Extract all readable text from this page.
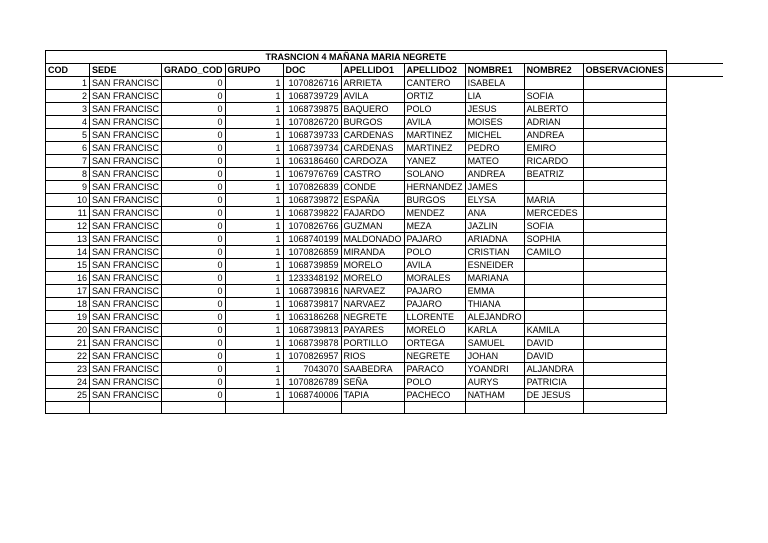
TRASNCION 4 MAÑANA MARIA NEGRETE										
COD	SEDE	GRADO_COD	GRUPO	DOC	APELLIDO1	APELLIDO2	NOMBRE1	NOMBRE2	OBSERVACIONES	
1	SAN FRANCISC	0	1	1070826716	ARRIETA	CANTERO	ISABELA			
2	SAN FRANCISC	0	1	1068739729	AVILA	ORTIZ	LIA	SOFIA		
3	SAN FRANCISC	0	1	1068739875	BAQUERO	POLO	JESUS	ALBERTO		
4	SAN FRANCISC	0	1	1070826720	BURGOS	AVILA	MOISES	ADRIAN		
5	SAN FRANCISC	0	1	1068739733	CARDENAS	MARTINEZ	MICHEL	ANDREA		
6	SAN FRANCISC	0	1	1068739734	CARDENAS	MARTINEZ	PEDRO	EMIRO		
7	SAN FRANCISC	0	1	1063186460	CARDOZA	YANEZ	MATEO	RICARDO		
8	SAN FRANCISC	0	1	1067976769	CASTRO	SOLANO	ANDREA	BEATRIZ		
9	SAN FRANCISC	0	1	1070826839	CONDE	HERNANDEZ	JAMES			
10	SAN FRANCISC	0	1	1068739872	ESPAÑA	BURGOS	ELYSA	MARIA		
11	SAN FRANCISC	0	1	1068739822	FAJARDO	MENDEZ	ANA	MERCEDES		
12	SAN FRANCISC	0	1	1070826766	GUZMAN	MEZA	JAZLIN	SOFIA		
13	SAN FRANCISC	0	1	1068740199	MALDONADO	PAJARO	ARIADNA	SOPHIA		
14	SAN FRANCISC	0	1	1070826859	MIRANDA	POLO	CRISTIAN	CAMILO		
15	SAN FRANCISC	0	1	1068739859	MORELO	AVILA	ESNEIDER			
16	SAN FRANCISC	0	1	1233348192	MORELO	MORALES	MARIANA			
17	SAN FRANCISC	0	1	1068739816	NARVAEZ	PAJARO	EMMA			
18	SAN FRANCISC	0	1	1068739817	NARVAEZ	PAJARO	THIANA			
19	SAN FRANCISC	0	1	1063186268	NEGRETE	LLORENTE	ALEJANDRO			
20	SAN FRANCISC	0	1	1068739813	PAYARES	MORELO	KARLA	KAMILA		
21	SAN FRANCISC	0	1	1068739878	PORTILLO	ORTEGA	SAMUEL	DAVID		
22	SAN FRANCISC	0	1	1070826957	RIOS	NEGRETE	JOHAN	DAVID		
23	SAN FRANCISC	0	1	7043070	SAABEDRA	PARACO	YOANDRI	ALJANDRA		
24	SAN FRANCISC	0	1	1070826789	SEÑA	POLO	AURYS	PATRICIA		
25	SAN FRANCISC	0	1	1068740006	TAPIA	PACHECO	NATHAM	DE JESUS		
